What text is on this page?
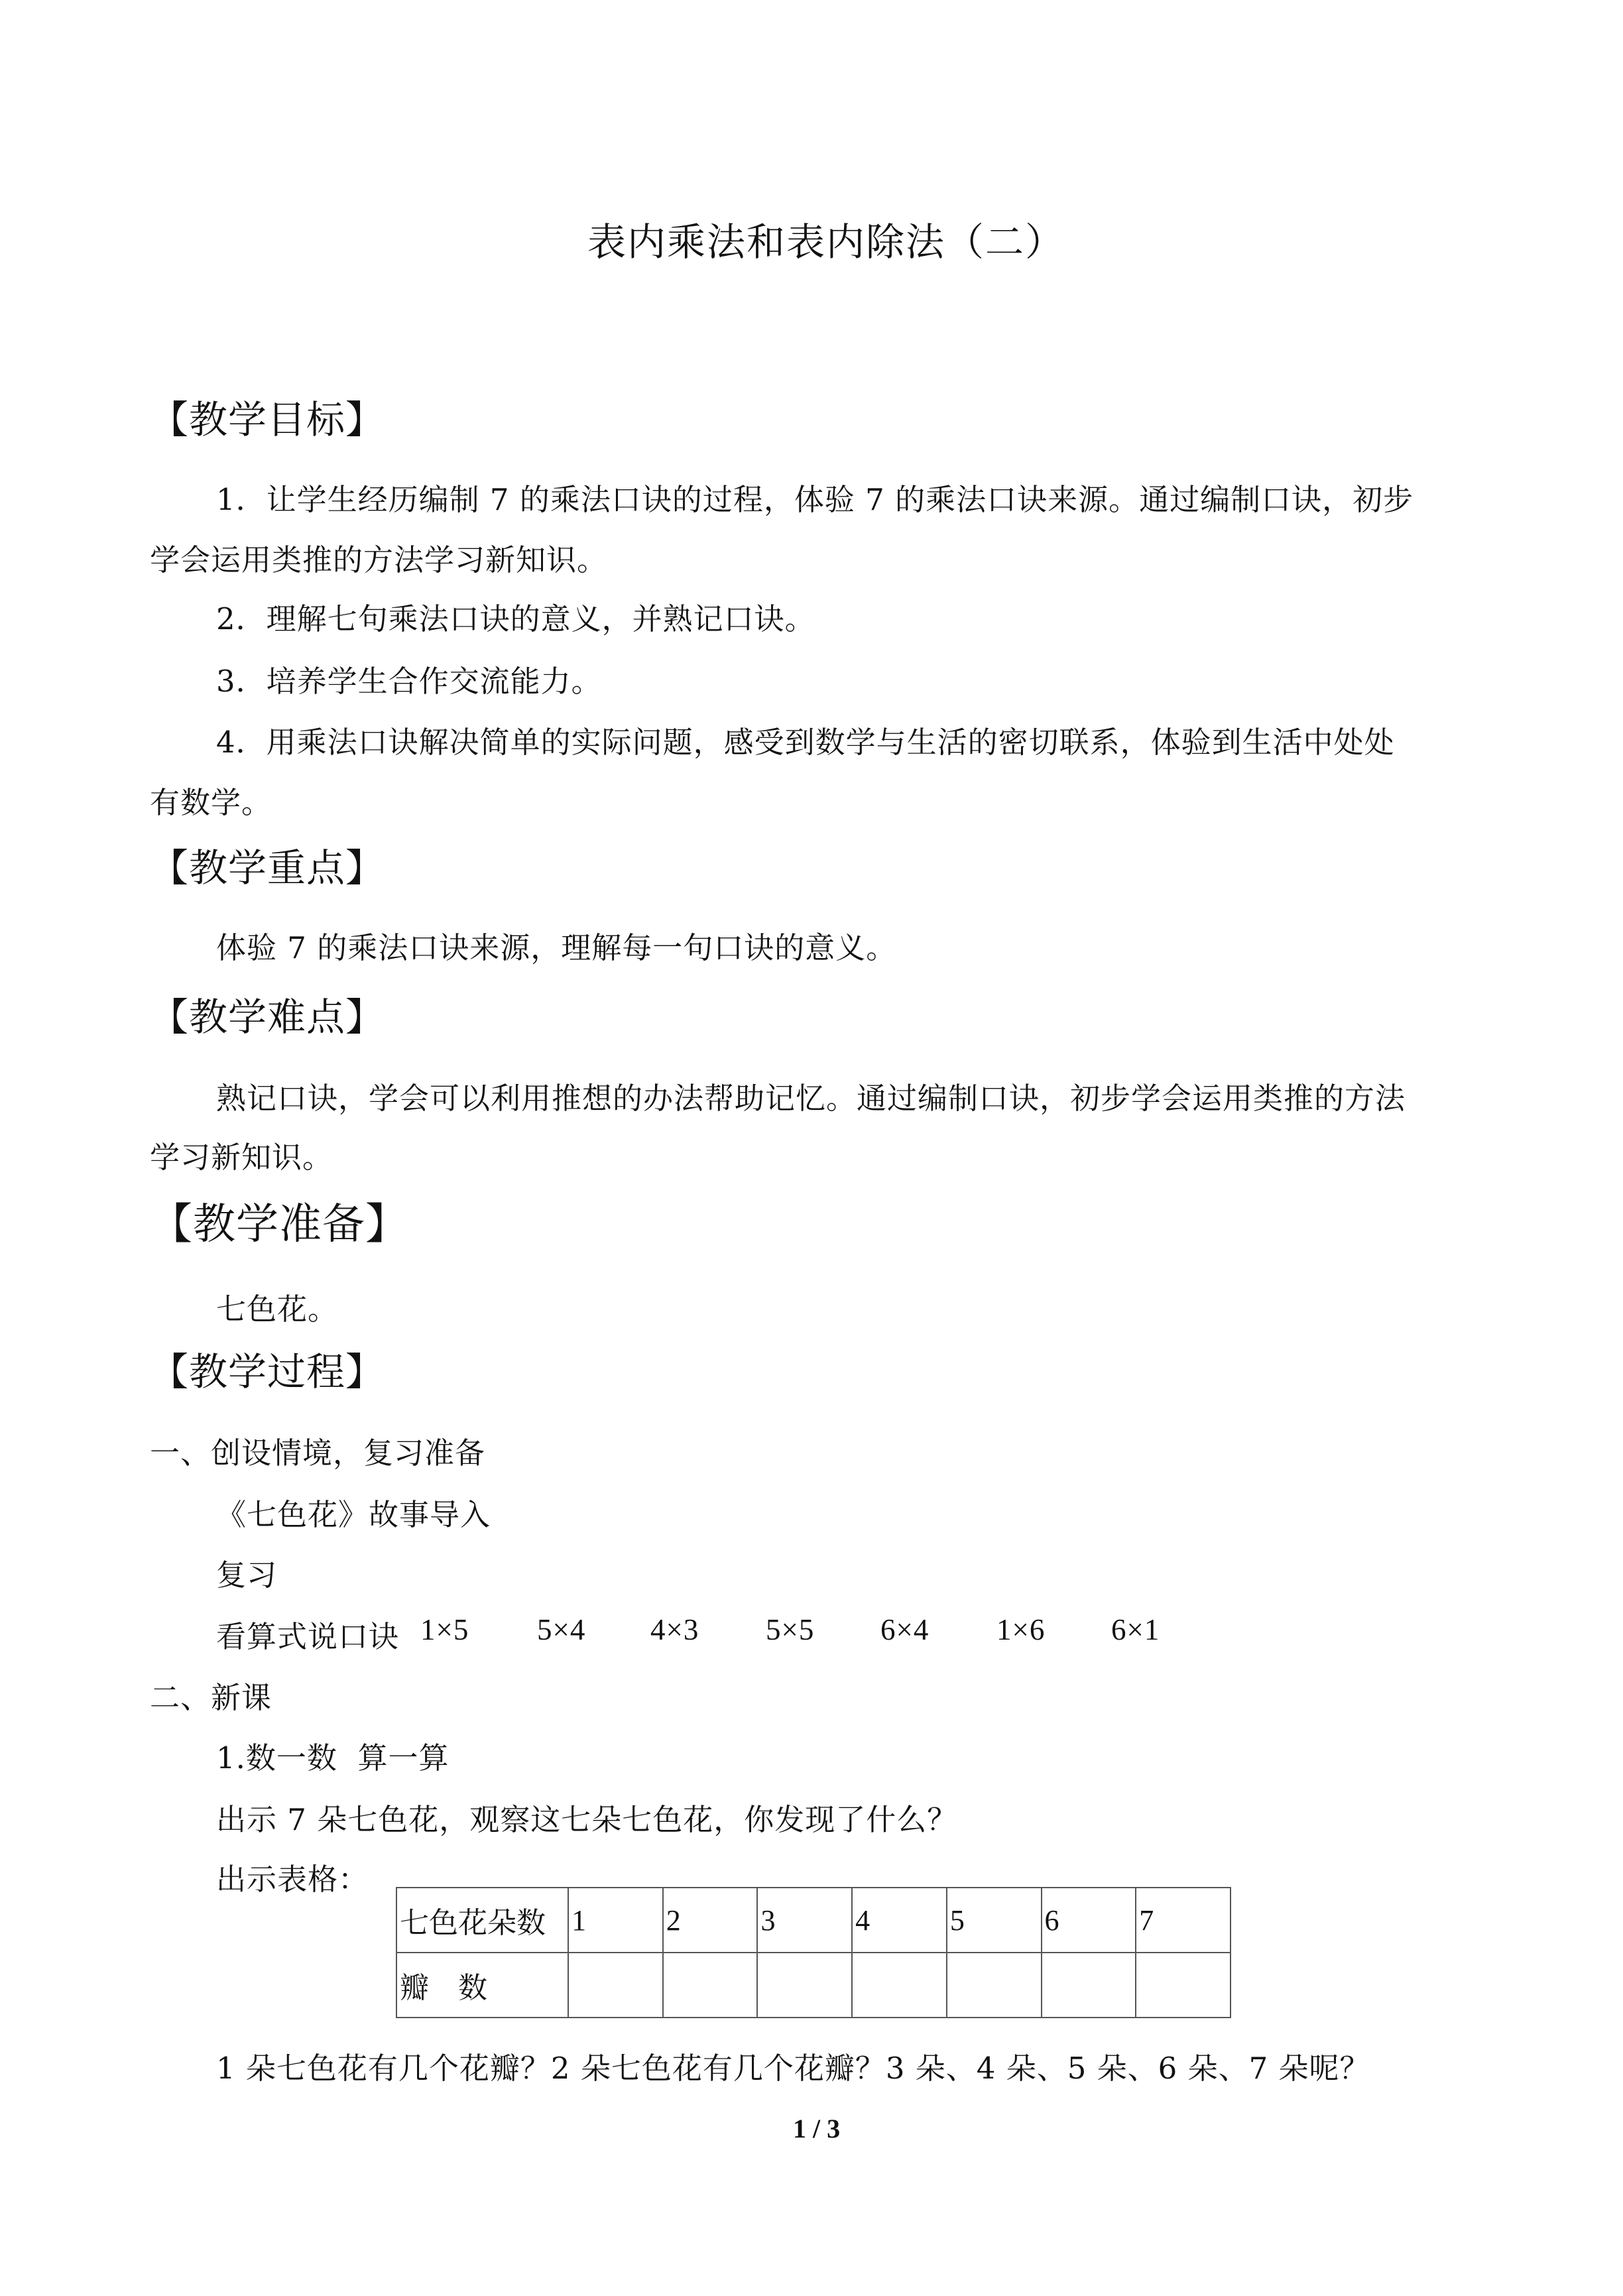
表内乘法和表内除法（二）
【教学目标】
1．让学生经历编制 7 的乘法口诀的过程，体验 7 的乘法口诀来源。通过编制口诀，初步
学会运用类推的方法学习新知识。
2．理解七句乘法口诀的意义，并熟记口诀。
3．培养学生合作交流能力。
4．用乘法口诀解决简单的实际问题，感受到数学与生活的密切联系，体验到生活中处处
有数学。
【教学重点】
体验 7 的乘法口诀来源，理解每一句口诀的意义。
【教学难点】
熟记口诀，学会可以利用推想的办法帮助记忆。通过编制口诀，初步学会运用类推的方法
学习新知识。
【教学准备】
七色花。
【教学过程】
一、创设情境，复习准备
《七色花》故事导入
复习
看算式说口诀 1×5 5×4 4×3 5×5 6×4 1×6 6×1
二、新课
1.数一数  算一算
出示 7 朵七色花，观察这七朵七色花，你发现了什么？
出示表格：
七色花朵数	1	2	3	4	5	6	7
瓣　数							
1 朵七色花有几个花瓣？2 朵七色花有几个花瓣？3 朵、4 朵、5 朵、6 朵、7 朵呢？
1 / 3
